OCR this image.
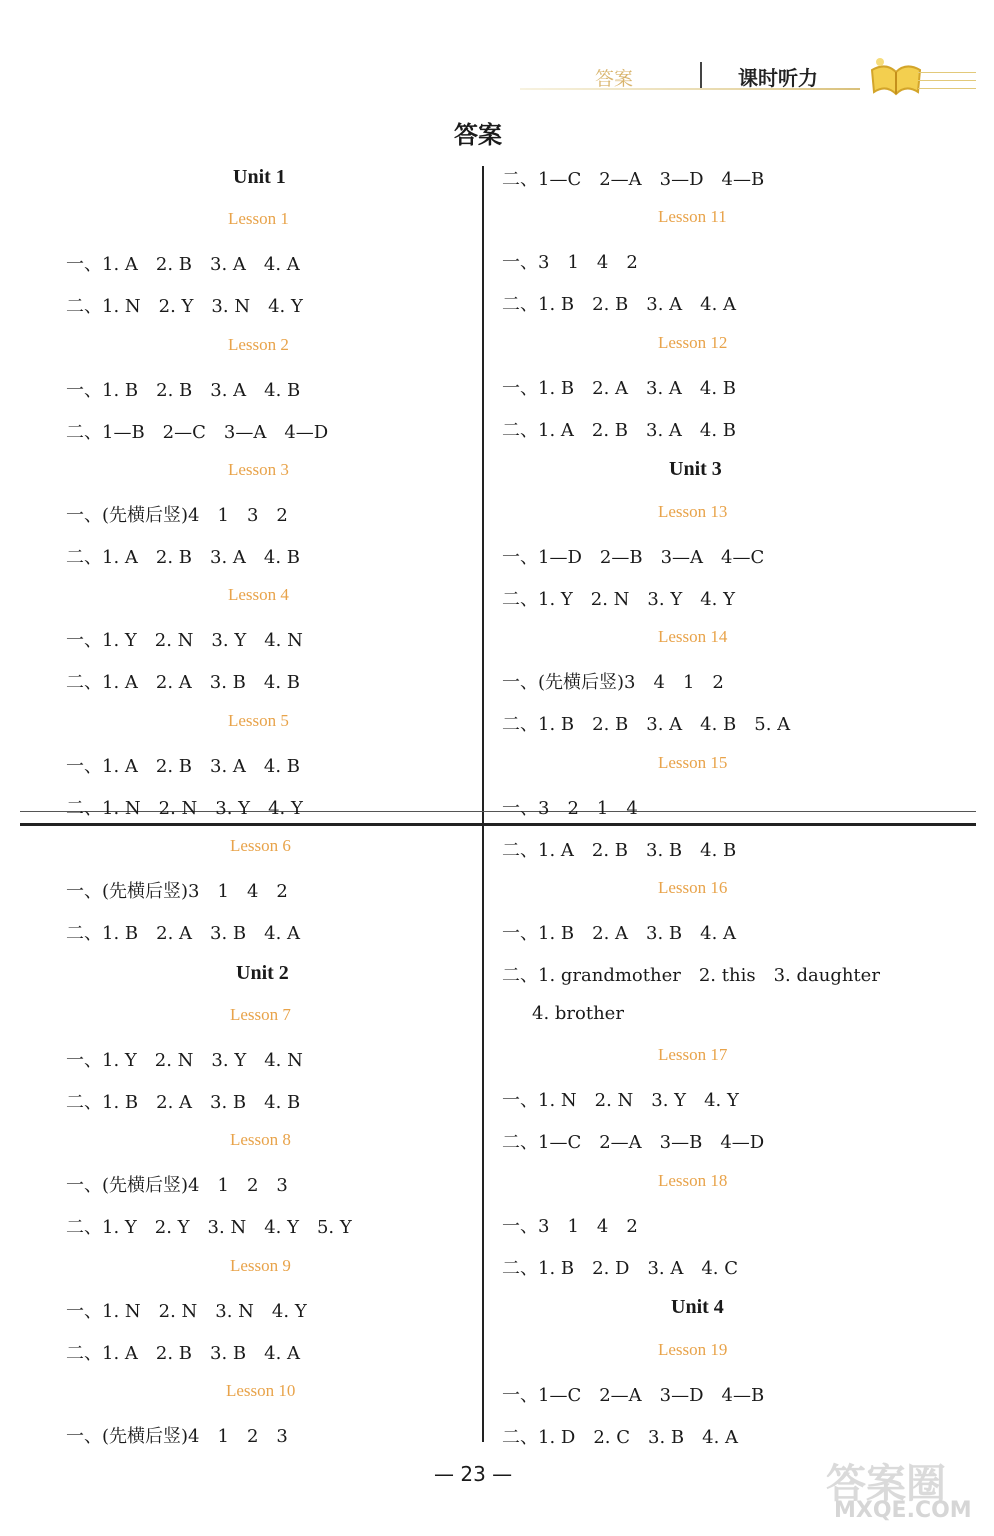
答案	课时听力
答案
Unit 1
Lesson 1
一、1. A　2. B　3. A　4. A
二、1. N　2. Y　3. N　4. Y
Lesson 2
一、1. B　2. B　3. A　4. B
二、1—B　2—C　3—A　4—D
Lesson 3
一、(先横后竖)4　1　3　2
二、1. A　2. B　3. A　4. B
Lesson 4
一、1. Y　2. N　3. Y　4. N
二、1. A　2. A　3. B　4. B
Lesson 5
一、1. A　2. B　3. A　4. B
二、1. N　2. N　3. Y　4. Y
Lesson 6
一、(先横后竖)3　1　4　2
二、1. B　2. A　3. B　4. A
Unit 2
Lesson 7
一、1. Y　2. N　3. Y　4. N
二、1. B　2. A　3. B　4. B
Lesson 8
一、(先横后竖)4　1　2　3
二、1. Y　2. Y　3. N　4. Y　5. Y
Lesson 9
一、1. N　2. N　3. N　4. Y
二、1. A　2. B　3. B　4. A
Lesson 10
一、(先横后竖)4　1　2　3
二、1—C　2—A　3—D　4—B
Lesson 11
一、3　1　4　2
二、1. B　2. B　3. A　4. A
Lesson 12
一、1. B　2. A　3. A　4. B
二、1. A　2. B　3. A　4. B
Unit 3
Lesson 13
一、1—D　2—B　3—A　4—C
二、1. Y　2. N　3. Y　4. Y
Lesson 14
一、(先横后竖)3　4　1　2
二、1. B　2. B　3. A　4. B　5. A
Lesson 15
一、3　2　1　4
二、1. A　2. B　3. B　4. B
Lesson 16
一、1. B　2. A　3. B　4. A
二、1. grandmother　2. this　3. daughter
4. brother
Lesson 17
一、1. N　2. N　3. Y　4. Y
二、1—C　2—A　3—B　4—D
Lesson 18
一、3　1　4　2
二、1. B　2. D　3. A　4. C
Unit 4
Lesson 19
一、1—C　2—A　3—D　4—B
二、1. D　2. C　3. B　4. A
— 23 —	答案圈
MXQE.COM
